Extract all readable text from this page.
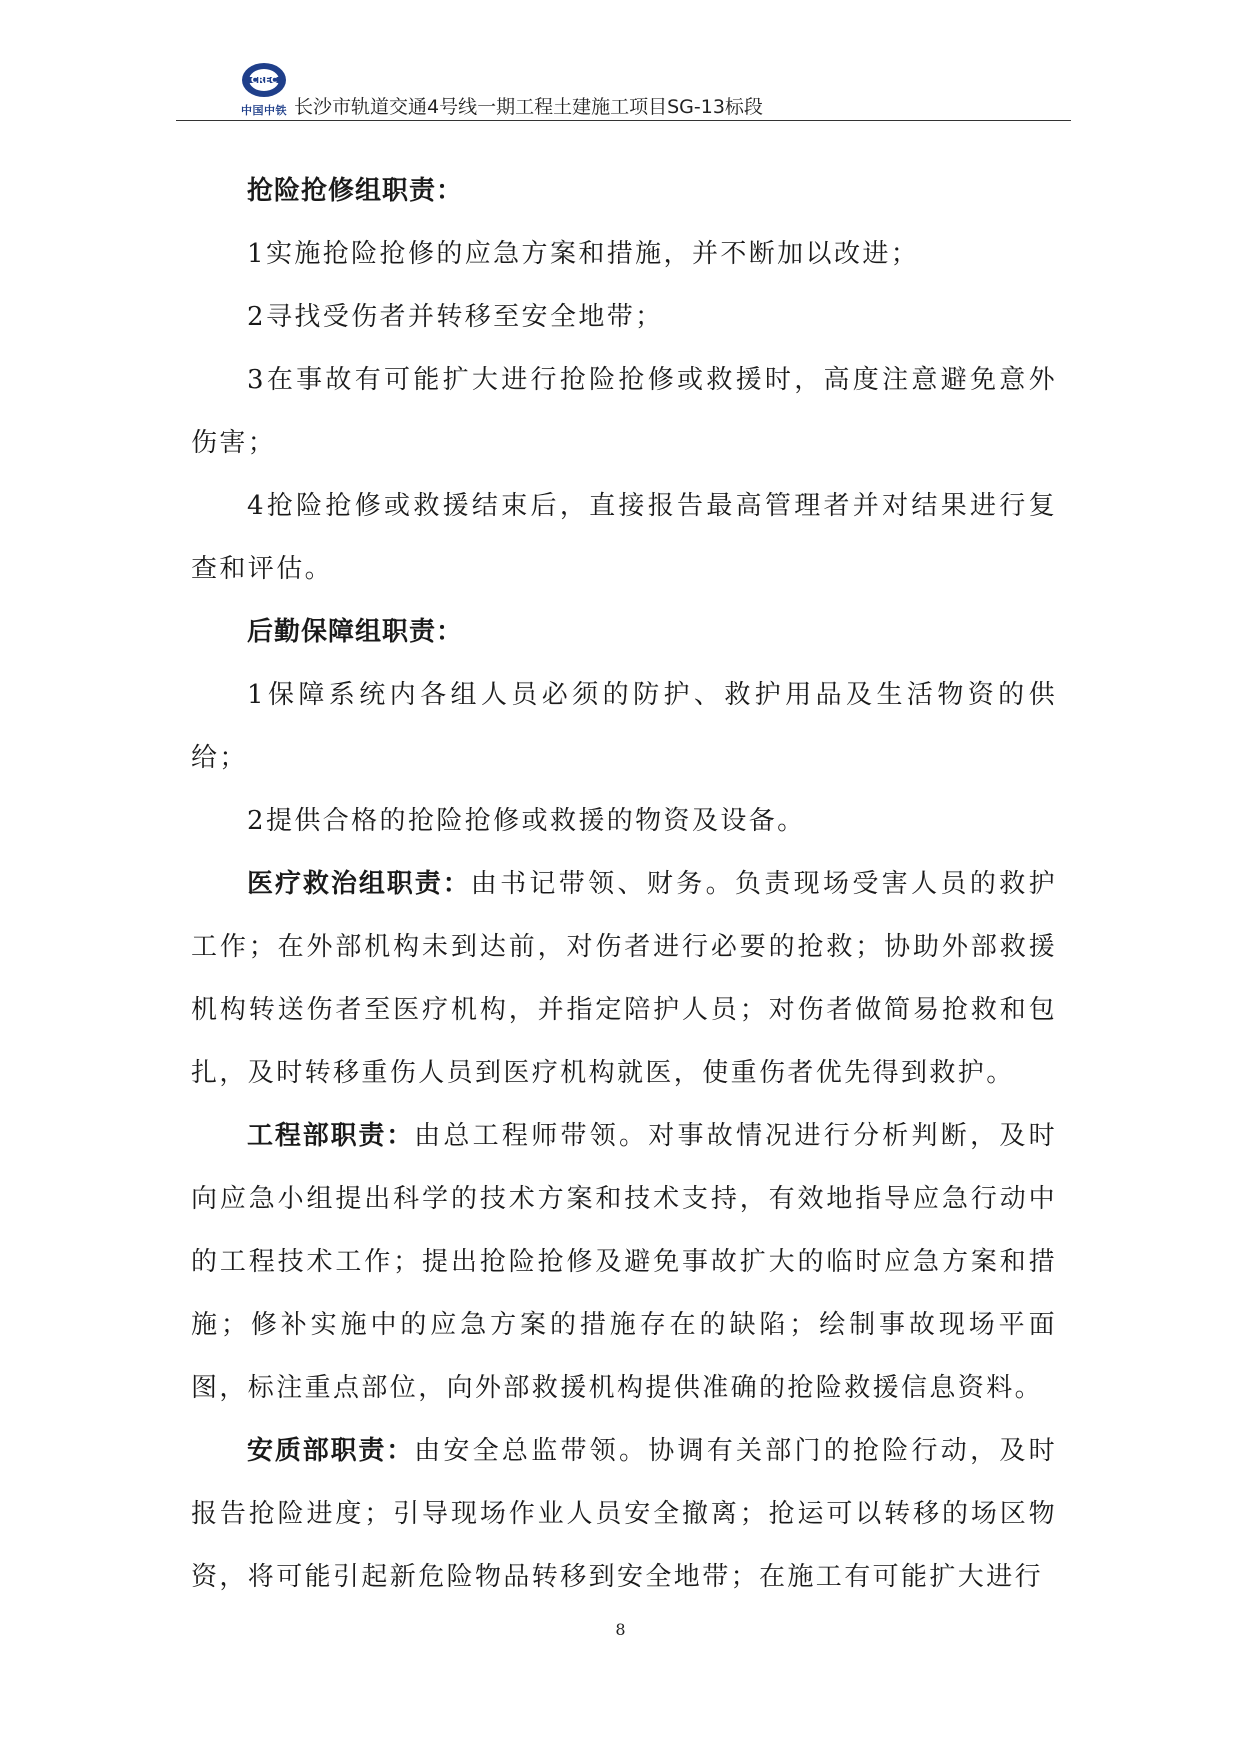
CREC
中国中铁 长沙市轨道交通4号线一期工程土建施工项目SG-13标段

抢险抢修组职责：

1实施抢险抢修的应急方案和措施，并不断加以改进；

2寻找受伤者并转移至安全地带；

3在事故有可能扩大进行抢险抢修或救援时，高度注意避免意外伤害；

4抢险抢修或救援结束后，直接报告最高管理者并对结果进行复查和评估。

后勤保障组职责：

1保障系统内各组人员必须的防护、救护用品及生活物资的供给；

2提供合格的抢险抢修或救援的物资及设备。

医疗救治组职责：由书记带领、财务。负责现场受害人员的救护工作；在外部机构未到达前，对伤者进行必要的抢救；协助外部救援机构转送伤者至医疗机构，并指定陪护人员；对伤者做简易抢救和包扎，及时转移重伤人员到医疗机构就医，使重伤者优先得到救护。

工程部职责：由总工程师带领。对事故情况进行分析判断，及时向应急小组提出科学的技术方案和技术支持，有效地指导应急行动中的工程技术工作；提出抢险抢修及避免事故扩大的临时应急方案和措施；修补实施中的应急方案的措施存在的缺陷；绘制事故现场平面图，标注重点部位，向外部救援机构提供准确的抢险救援信息资料。

安质部职责：由安全总监带领。协调有关部门的抢险行动，及时报告抢险进度；引导现场作业人员安全撤离；抢运可以转移的场区物资，将可能引起新危险物品转移到安全地带；在施工有可能扩大进行

8
